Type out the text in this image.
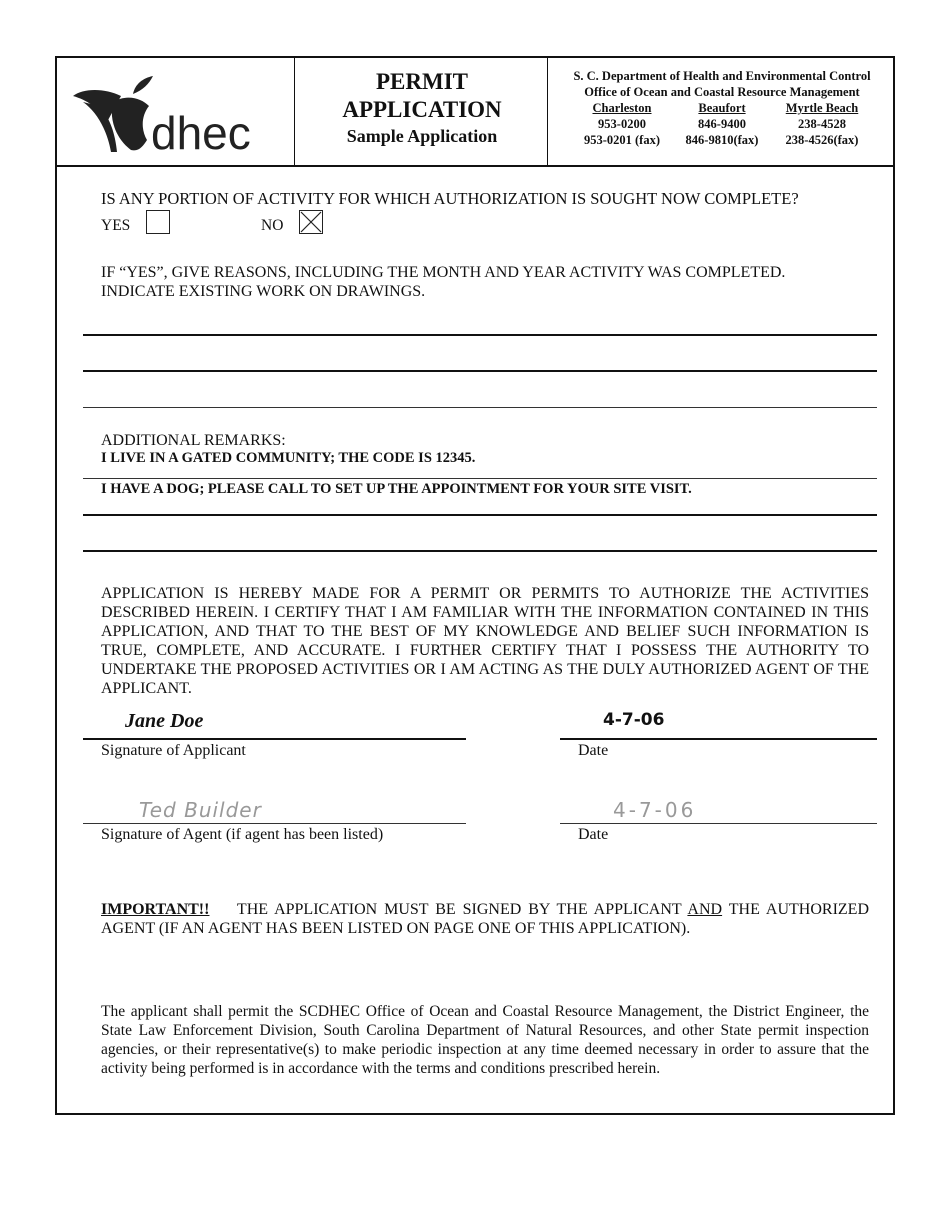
dhec
PERMIT
APPLICATION
Sample Application
S. C. Department of Health and Environmental Control
Office of Ocean and Coastal Resource Management
Charleston
953-0200
953-0201 (fax)
Beaufort
846-9400
846-9810(fax)
Myrtle Beach
238-4528
238-4526(fax)
IS ANY PORTION OF ACTIVITY FOR WHICH AUTHORIZATION IS SOUGHT NOW COMPLETE?
YES	NO
IF “YES”, GIVE REASONS, INCLUDING THE MONTH AND YEAR ACTIVITY WAS COMPLETED.
INDICATE EXISTING WORK ON DRAWINGS.
ADDITIONAL REMARKS:
I LIVE IN A GATED COMMUNITY; THE CODE IS 12345.
I HAVE A DOG; PLEASE CALL TO SET UP THE APPOINTMENT FOR YOUR SITE VISIT.
APPLICATION IS HEREBY MADE FOR A PERMIT OR PERMITS TO AUTHORIZE THE ACTIVITIES DESCRIBED HEREIN. I CERTIFY THAT I AM FAMILIAR WITH THE INFORMATION CONTAINED IN THIS APPLICATION, AND THAT TO THE BEST OF MY KNOWLEDGE AND BELIEF SUCH INFORMATION IS TRUE, COMPLETE, AND ACCURATE. I FURTHER CERTIFY THAT I POSSESS THE AUTHORITY TO UNDERTAKE THE PROPOSED ACTIVITIES OR I AM ACTING AS THE DULY AUTHORIZED AGENT OF THE APPLICANT.
Jane Doe
Signature of Applicant
4-7-06
Date
Ted Builder
Signature of Agent (if agent has been listed)
4-7-06
Date
IMPORTANT!! THE APPLICATION MUST BE SIGNED BY THE APPLICANT AND THE AUTHORIZED AGENT (IF AN AGENT HAS BEEN LISTED ON PAGE ONE OF THIS APPLICATION).
The applicant shall permit the SCDHEC Office of Ocean and Coastal Resource Management, the District Engineer, the State Law Enforcement Division, South Carolina Department of Natural Resources, and other State permit inspection agencies, or their representative(s) to make periodic inspection at any time deemed necessary in order to assure that the activity being performed is in accordance with the terms and conditions prescribed herein.
